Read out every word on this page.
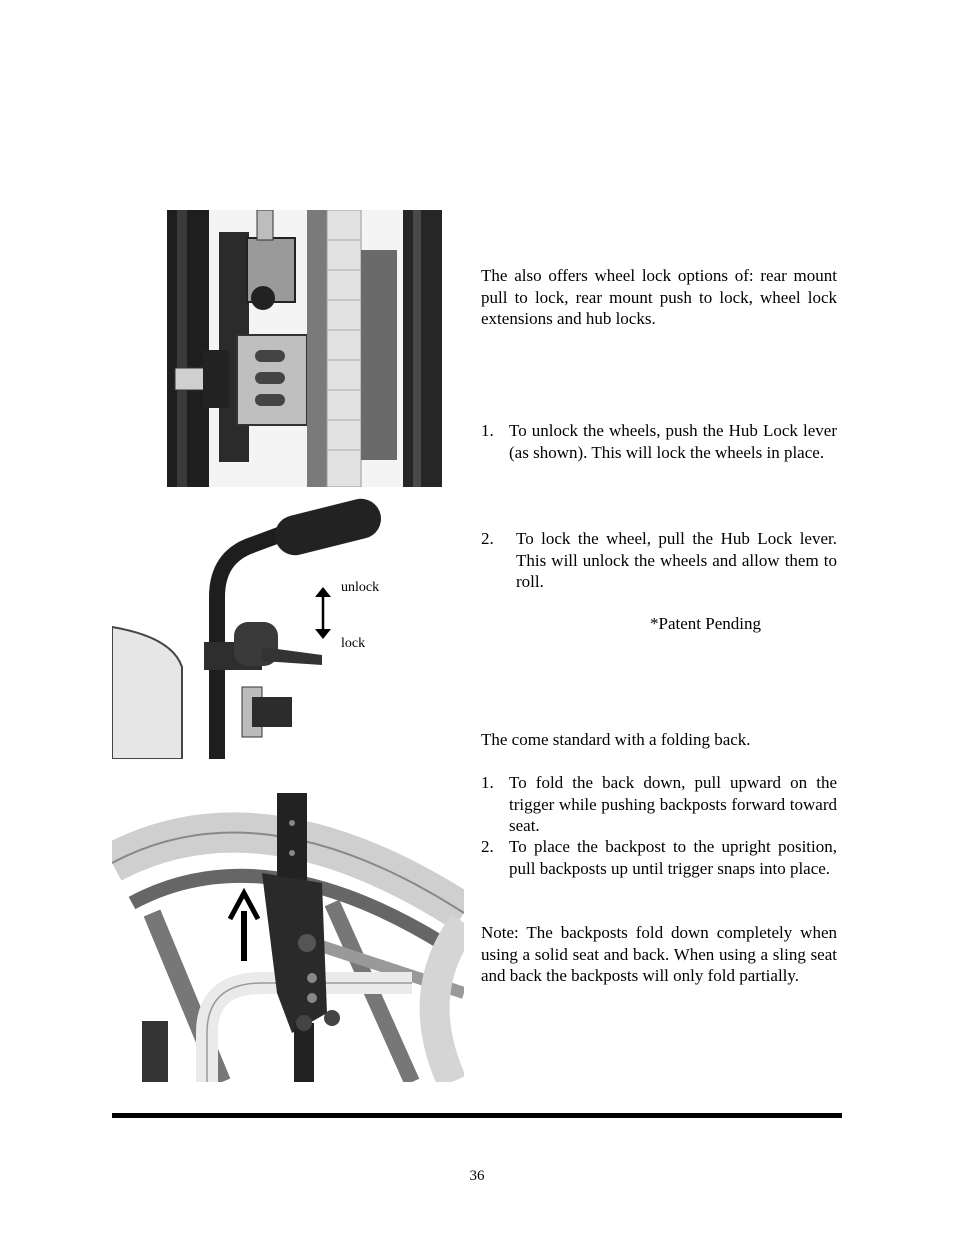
unlock
lock
The also offers wheel lock options of: rear mount pull to lock, rear mount push to lock, wheel lock extensions and hub locks.
1. To unlock the wheels, push the Hub Lock lever (as shown). This will lock the wheels in place.
2. To lock the wheel, pull the Hub Lock lever. This will unlock the wheels and allow them to roll.
*Patent Pending
The come standard with a folding back.
1. To fold the back down, pull upward on the trigger while pushing backposts forward toward seat.
2. To place the backpost to the upright position, pull backposts up until trigger snaps into place.
Note: The backposts fold down completely when using a solid seat and back. When using a sling seat and back the backposts will only fold partially.
36
